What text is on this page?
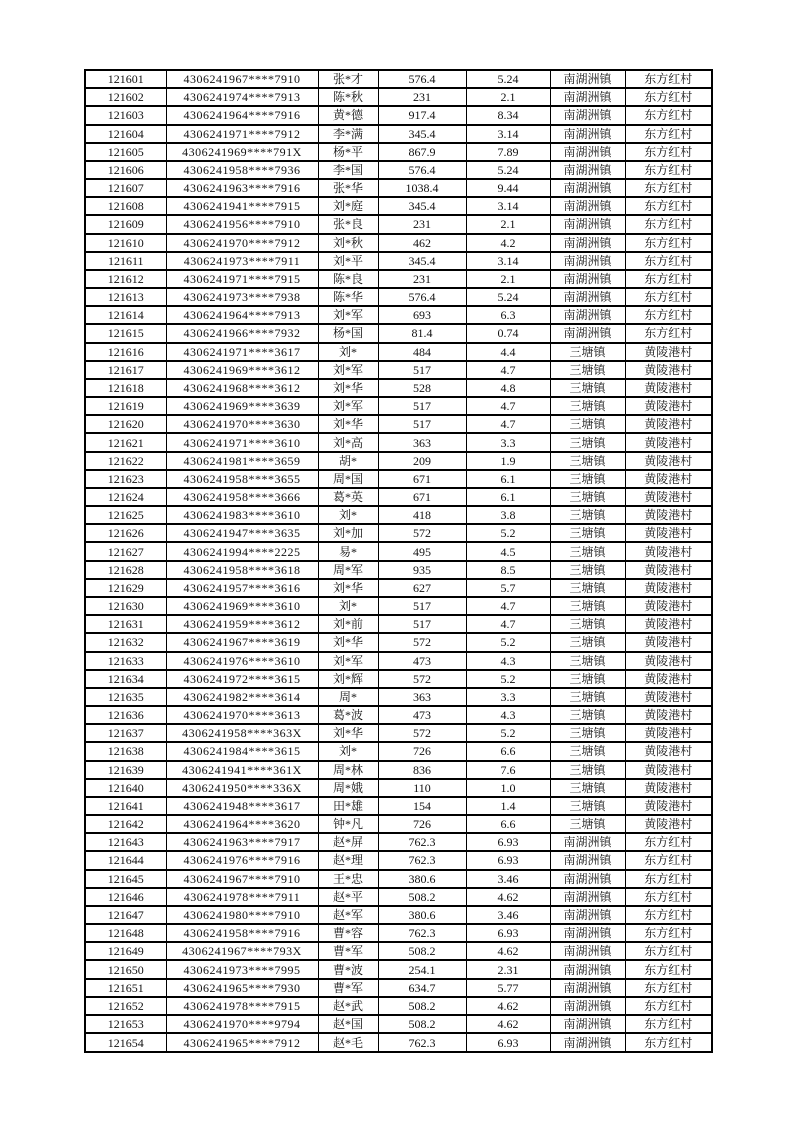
121601	4306241967****7910	张*才	576.4	5.24	南湖洲镇	东方红村
121602	4306241974****7913	陈*秋	231	2.1	南湖洲镇	东方红村
121603	4306241964****7916	黄*德	917.4	8.34	南湖洲镇	东方红村
121604	4306241971****7912	李*满	345.4	3.14	南湖洲镇	东方红村
121605	4306241969****791X	杨*平	867.9	7.89	南湖洲镇	东方红村
121606	4306241958****7936	李*国	576.4	5.24	南湖洲镇	东方红村
121607	4306241963****7916	张*华	1038.4	9.44	南湖洲镇	东方红村
121608	4306241941****7915	刘*庭	345.4	3.14	南湖洲镇	东方红村
121609	4306241956****7910	张*良	231	2.1	南湖洲镇	东方红村
121610	4306241970****7912	刘*秋	462	4.2	南湖洲镇	东方红村
121611	4306241973****7911	刘*平	345.4	3.14	南湖洲镇	东方红村
121612	4306241971****7915	陈*良	231	2.1	南湖洲镇	东方红村
121613	4306241973****7938	陈*华	576.4	5.24	南湖洲镇	东方红村
121614	4306241964****7913	刘*军	693	6.3	南湖洲镇	东方红村
121615	4306241966****7932	杨*国	81.4	0.74	南湖洲镇	东方红村
121616	4306241971****3617	刘*	484	4.4	三塘镇	黄陵港村
121617	4306241969****3612	刘*军	517	4.7	三塘镇	黄陵港村
121618	4306241968****3612	刘*华	528	4.8	三塘镇	黄陵港村
121619	4306241969****3639	刘*军	517	4.7	三塘镇	黄陵港村
121620	4306241970****3630	刘*华	517	4.7	三塘镇	黄陵港村
121621	4306241971****3610	刘*高	363	3.3	三塘镇	黄陵港村
121622	4306241981****3659	胡*	209	1.9	三塘镇	黄陵港村
121623	4306241958****3655	周*国	671	6.1	三塘镇	黄陵港村
121624	4306241958****3666	葛*英	671	6.1	三塘镇	黄陵港村
121625	4306241983****3610	刘*	418	3.8	三塘镇	黄陵港村
121626	4306241947****3635	刘*加	572	5.2	三塘镇	黄陵港村
121627	4306241994****2225	易*	495	4.5	三塘镇	黄陵港村
121628	4306241958****3618	周*军	935	8.5	三塘镇	黄陵港村
121629	4306241957****3616	刘*华	627	5.7	三塘镇	黄陵港村
121630	4306241969****3610	刘*	517	4.7	三塘镇	黄陵港村
121631	4306241959****3612	刘*前	517	4.7	三塘镇	黄陵港村
121632	4306241967****3619	刘*华	572	5.2	三塘镇	黄陵港村
121633	4306241976****3610	刘*军	473	4.3	三塘镇	黄陵港村
121634	4306241972****3615	刘*辉	572	5.2	三塘镇	黄陵港村
121635	4306241982****3614	周*	363	3.3	三塘镇	黄陵港村
121636	4306241970****3613	葛*波	473	4.3	三塘镇	黄陵港村
121637	4306241958****363X	刘*华	572	5.2	三塘镇	黄陵港村
121638	4306241984****3615	刘*	726	6.6	三塘镇	黄陵港村
121639	4306241941****361X	周*林	836	7.6	三塘镇	黄陵港村
121640	4306241950****336X	周*娥	110	1.0	三塘镇	黄陵港村
121641	4306241948****3617	田*雄	154	1.4	三塘镇	黄陵港村
121642	4306241964****3620	钟*凡	726	6.6	三塘镇	黄陵港村
121643	4306241963****7917	赵*屏	762.3	6.93	南湖洲镇	东方红村
121644	4306241976****7916	赵*理	762.3	6.93	南湖洲镇	东方红村
121645	4306241967****7910	王*忠	380.6	3.46	南湖洲镇	东方红村
121646	4306241978****7911	赵*平	508.2	4.62	南湖洲镇	东方红村
121647	4306241980****7910	赵*军	380.6	3.46	南湖洲镇	东方红村
121648	4306241958****7916	曹*容	762.3	6.93	南湖洲镇	东方红村
121649	4306241967****793X	曹*军	508.2	4.62	南湖洲镇	东方红村
121650	4306241973****7995	曹*波	254.1	2.31	南湖洲镇	东方红村
121651	4306241965****7930	曹*军	634.7	5.77	南湖洲镇	东方红村
121652	4306241978****7915	赵*武	508.2	4.62	南湖洲镇	东方红村
121653	4306241970****9794	赵*国	508.2	4.62	南湖洲镇	东方红村
121654	4306241965****7912	赵*毛	762.3	6.93	南湖洲镇	东方红村
